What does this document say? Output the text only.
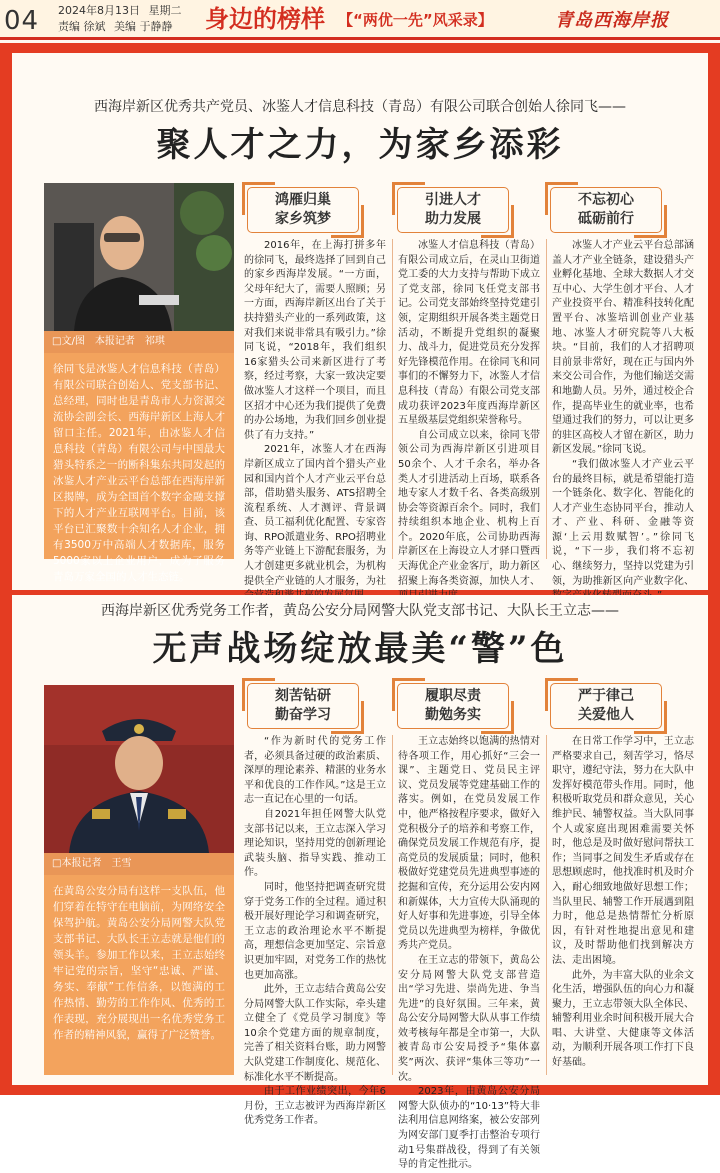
04	2024年8月13日 星期二
责编 徐斌 美编 于静静	身边的榜样 【“两优一先”风采录】	青岛西海岸报
西海岸新区优秀共产党员、冰鉴人才信息科技（青岛）有限公司联合创始人徐同飞——
聚人才之力，为家乡添彩
□文/图　本报记者　祁琪
徐同飞是冰鉴人才信息科技（青岛）有限公司联合创始人、党支部书记、总经理，同时也是青岛市人力资源交流协会副会长、西海岸新区上海人才留口主任。2021年，由冰鉴人才信息科技（青岛）有限公司与中国最大猎头特系之一的断科集东共同发起的冰鉴人才产业云平台总部在西海岸新区揭牌，成为全国首个数字金融支撑下的人才产业互联网平台。目前，该平台已汇聚数十余知名人才企业，拥有3500万中高端人才数据库，服务5000家以上企业用户，成为了服务青岛万家全国的人才生态链。
鸿雁归巢
家乡筑梦
引进人才
助力发展
不忘初心
砥砺前行

2016年，在上海打拼多年的徐同飞，最终选择了回到自己的家乡西海岸发展。“一方面，父母年纪大了，需要人照顾；另一方面，西海岸新区出台了关于扶持猎头产业的一系列政策，这对我们来说非常具有吸引力。”徐同飞说，“2018年，我们组织16家猎头公司来新区进行了考察，经过考察，大家一致决定要做冰鉴人才这样一个项目，而且区招才中心还为我们提供了免费的办公场地，为我们回乡创业提供了有力支持。”

2021年，冰鉴人才在西海岸新区成立了国内首个猎头产业园和国内首个人才产业云平台总部，借助猎头服务、ATS招聘全流程系统、人才测评、背景调查、员工福利优化配置、专家咨询、RPO派遣业务、RPO招聘业务等产业链上下游配套服务，为人才创建更多就业机会，为机构提供全产业链的人才服务，为社

冰鉴人才信息科技（青岛）有限公司成立后，在灵山卫街道党工委的大力支持与帮助下成立了党支部，徐同飞任党支部书记。公司党支部始终坚持党建引领，定期组织开展各类主题党日活动，不断提升党组织的凝聚力、战斗力，促进党员充分发挥好先锋模范作用。在徐同飞和同事们的不懈努力下，冰鉴人才信息科技（青岛）有限公司党支部成功获评2023年度西海岸新区五星级基层党组织荣誉称号。

自公司成立以来，徐同飞带领公司为西海岸新区引进项目50余个、人才千余名，举办各类人才引进活动上百场，联系各地专家人才数千名、各类高级别协会等资源百余个。同时，我们持续组织本地企业、机构上百个。2020年底，公司协助西海岸新区在上海设立人才驿口暨西天海优企产业金客厅，助力新区招聚上海各类资源，加快人才、

冰鉴人才产业云平台总部涵盖人才产业全链条，建设猎头产业孵化基地、全球大数据人才交互中心、大学生创才平台、人才产业投资平台、精准科技转化配置平台、冰鉴培训创业产业基地、冰鉴人才研究院等八大板块。“目前，我们的人才招聘项目前景非常好，现在正与国内外来交公司合作，为他们输送交需和地勤人员。另外，通过校企合作，提高毕业生的就业率，也希望通过我们的努力，可以让更多的驻区高校人才留在新区，助力新区发展。”徐同飞说。

“我们做冰鉴人才产业云平台的最终目标，就是希望能打造一个链条化、数字化、智能化的人才产业生态协同平台，推动人才、产业、科研、金融等资源‘上云用数赋智’。”徐同飞说，“下一步，我们将不忘初心、继续努力，坚持以党建为引领，为助推新区向产业数字化、

西海岸新区优秀党务工作者，黄岛公安分局网警大队党支部书记、大队长王立志——
无声战场绽放最美“警”色
□本报记者　王雪
在黄岛公安分局有这样一支队伍，他们穿着在特守在电脑前，为网络安全保驾护航。黄岛公安分局网警大队党支部书记、大队长王立志就是他们的领头羊。参加工作以来，王立志始终牢记党的宗旨，坚守“忠诚、严谨、务实、奉献”工作信条，以饱满的工作热情、勤劳的工作作风、优秀的工作表现，充分展现出一名优秀党务工作者的精神风貌，赢得了广泛赞誉。
刻苦钻研
勤奋学习
履职尽责
勤勉务实
严于律己
关爱他人

“作为新时代的党务工作者，必须具备过硬的政治素质、深厚的理论素养、精湛的业务水平和优良的工作作风。”这是王立志一直记在心里的一句话。

自2021年担任网警大队党支部书记以来，王立志深入学习理论知识，坚持用党的创新理论武装头脑、指导实践、推动工作。

同时，他坚持把调查研究贯穿于党务工作的全过程。通过积极开展好理论学习和调查研究，王立志的政治理论水平不断提高，理想信念更加坚定、宗旨意识更加牢固，对党务工作的热忱也更加高涨。

此外，王立志结合黄岛公安分局网警大队工作实际，牵头建立健全了《党员学习制度》等10余个党建方面的规章制度，完善了相关资料台账，助力网警大队党建工作制度化、规范化、标准化水平不断提高。

由于工作业绩突出，今年6月份，王立志被评为西海岸新区优秀党务工作者。

王立志始终以饱满的热情对待各项工作，用心抓好“三会一课”、主题党日、党员民主评议、党员发展等党建基础工作的落实。例如，在党员发展工作中，他严格按程序要求，做好入党积极分子的培养和考察工作，确保党员发展工作规范有序，提高党员的发展质量；同时，他积极做好党建党员先进典型事迹的挖掘和宣传，充分运用公安内网和新媒体，大力宣传大队涌现的好人好事和先进事迹，引导全体党员以先进典型为榜样，争做优秀共产党员。

在王立志的带领下，黄岛公安分局网警大队党支部营造出“学习先进、崇尚先进、争当先进”的良好氛围。三年来，黄岛公安分局网警大队从事工作绩效考核每年都是全市第一，大队被青岛市公安局授予“集体嘉奖”两次、获评“集体三等功”一次。

2023年，由黄岛公安分局网警大队侦办的“10·13”特大非法利用信息网络案，被公安部列为网安部门夏季打击整治专项行动1号集群战役，得到了有关领导的肯定性批示。

在日常工作学习中，王立志严格要求自己，刻苦学习，恪尽职守，遵纪守法，努力在大队中发挥好模范带头作用。同时，他积极听取党员和群众意见，关心维护民、辅警权益。当大队同事个人或家庭出现困难需要关怀时，他总是及时做好慰问帮扶工作；当同事之间发生矛盾或存在思想顾虑时，他找准时机及时介入，耐心细致地做好思想工作；当队里民、辅警工作开展遇到阻力时，他总是热情帮忙分析原因，有针对性地提出意见和建议，及时帮助他们找到解决方法、走出困境。

此外，为丰富大队的业余文化生活，增强队伍的向心力和凝聚力，王立志带领大队全体民、辅警利用业余时间积极开展大合唱、大讲堂、大健康等文体活动，为顺利开展各项工作打下良好基础。
